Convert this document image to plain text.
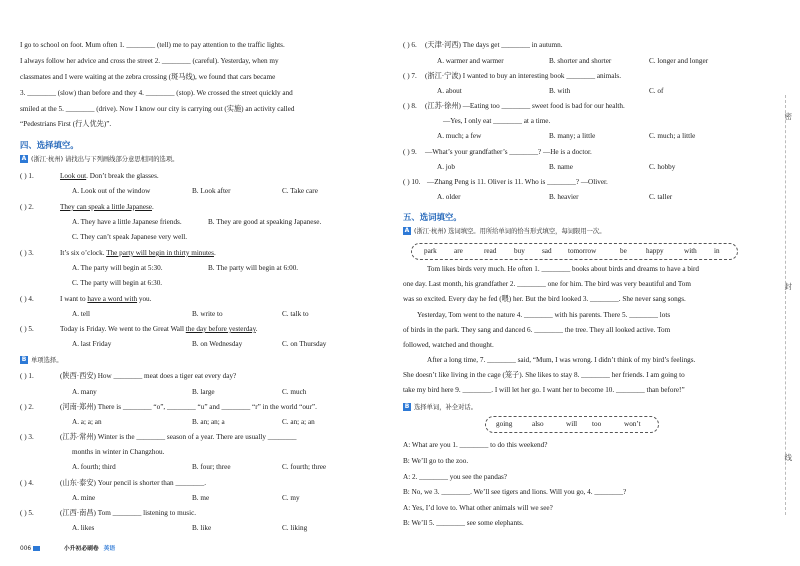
I go to school on foot. Mum often 1. ________ (tell) me to pay attention to the traffic lights.
I always follow her advice and cross the street 2. ________ (careful). Yesterday, when my
classmates and I were waiting at the zebra crossing (斑马线), we found that cars became
3. ________ (slow) than before and they 4. ________ (stop). We crossed the street quickly and
smiled at the 5. ________ (drive). Now I know our city is carrying out (实施) an activity called
“Pedestrians First (行人优先)”.
四、选择填空。
A (浙江·杭州) 请找出与下列画线部分意思相同的选项。
( ) 1.	Look out. Don’t break the glasses.
A. Look out of the window	B. Look after	C. Take care
( ) 2.	They can speak a little Japanese.
A. They have a little Japanese friends.	B. They are good at speaking Japanese.
C. They can’t speak Japanese very well.
( ) 3.	It’s six o’clock. The party will begin in thirty minutes.
A. The party will begin at 5:30.	B. The party will begin at 6:00.
C. The party will begin at 6:30.
( ) 4.	I want to have a word with you.
A. tell	B. write to	C. talk to
( ) 5.	Today is Friday. We went to the Great Wall the day before yesterday.
A. last Friday	B. on Wednesday	C. on Thursday
B 单项选择。
( ) 1.	(陕西·西安) How ________ meat does a tiger eat every day?
A. many	B. large	C. much
( ) 2.	(河南·郑州) There is ________ “o”, ________ “u” and ________ “r” in the world “our”.
A. a; a; an	B. an; an; a	C. an; a; an
( ) 3.	(江苏·常州) Winter is the ________ season of a year. There are usually ________
months in winter in Changzhou.
A. fourth; third	B. four; three	C. fourth; three
( ) 4.	(山东·泰安) Your pencil is shorter than ________.
A. mine	B. me	C. my
( ) 5.	(江西·南昌) Tom ________ listening to music.
A. likes	B. like	C. liking
( ) 6. (天津·河西) The days get ________ in autumn.
A. warmer and warmer	B. shorter and shorter	C. longer and longer
( ) 7. (浙江·宁波) I wanted to buy an interesting book ________ animals.
A. about	B. with	C. of
( ) 8. (江苏·徐州) —Eating too ________ sweet food is bad for our health.
—Yes, I only eat ________ at a time.
A. much; a few	B. many; a little	C. much; a little
( ) 9. —What’s your grandfather’s ________? —He is a doctor.
A. job	B. name	C. hobby
( ) 10. —Zhang Peng is 11. Oliver is 11. Who is ________? —Oliver.
A. older	B. heavier	C. taller
五、选词填空。
A (浙江·杭州) 选词填空。用所给单词的恰当形式填空，每词限用一次。
park are	read buy sad tomorrow	be	happy	with in
Tom likes birds very much. He often 1. ________ books about birds and dreams to have a bird
one day. Last month, his grandfather 2. ________ one for him. The bird was very beautiful and Tom
was so excited. Every day he fed (喂) her. But the bird looked 3. ________. She never sang songs.
Yesterday, Tom went to the nature 4. ________ with his parents. There 5. ________ lots
of birds in the park. They sang and danced 6. ________ the tree. They all looked active. Tom
followed, watched and thought.
After a long time, 7. ________ said, “Mum, I was wrong. I didn’t think of my bird’s feelings.
She doesn’t like living in the cage (笼子). She likes to stay 8. ________ her friends. I am going to
take my bird here 9. ________. I will let her go. I want her to become 10. ________ than before!”
B 选择单词，补全对话。
going	also	will too	won’t
A: What are you 1. ________ to do this weekend?
B: We’ll go to the zoo.
A: 2. ________ you see the pandas?
B: No, we 3. ________. We’ll see tigers and lions. Will you go, 4. ________?
A: Yes, I’d love to. What other animals will we see?
B: We’ll 5. ________ see some elephants.
密
封
线
006	小升初必刷卷 英语
